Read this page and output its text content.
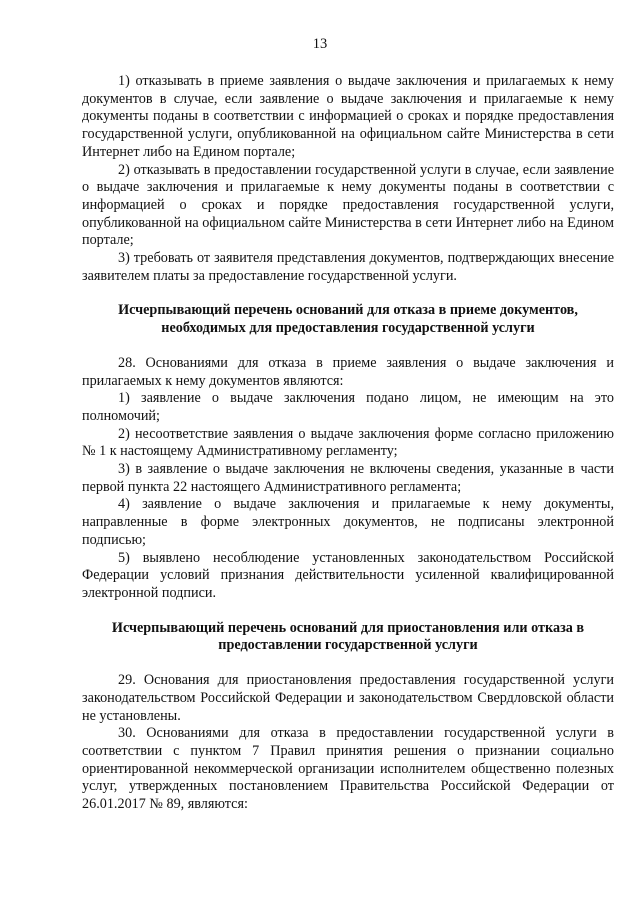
13

1) отказывать в приеме заявления о выдаче заключения и прилагаемых к нему документов в случае, если заявление о выдаче заключения и прилагаемые к нему документы поданы в соответствии с информацией о сроках и порядке предоставления государственной услуги, опубликованной на официальном сайте Министерства в сети Интернет либо на Едином портале;

2) отказывать в предоставлении государственной услуги в случае, если заявление о выдаче заключения и прилагаемые к нему документы поданы в соответствии с информацией о сроках и порядке предоставления государственной услуги, опубликованной на официальном сайте Министерства в сети Интернет либо на Едином портале;

3) требовать от заявителя представления документов, подтверждающих внесение заявителем платы за предоставление государственной услуги.

Исчерпывающий перечень оснований для отказа в приеме документов, необходимых для предоставления государственной услуги

28. Основаниями для отказа в приеме заявления о выдаче заключения и прилагаемых к нему документов являются:

1) заявление о выдаче заключения подано лицом, не имеющим на это полномочий;

2) несоответствие заявления о выдаче заключения форме согласно приложению № 1 к настоящему Административному регламенту;

3) в заявление о выдаче заключения не включены сведения, указанные в части первой пункта 22 настоящего Административного регламента;

4) заявление о выдаче заключения и прилагаемые к нему документы, направленные в форме электронных документов, не подписаны электронной подписью;

5) выявлено несоблюдение установленных законодательством Российской Федерации условий признания действительности усиленной квалифицированной электронной подписи.

Исчерпывающий перечень оснований для приостановления или отказа в предоставлении государственной услуги

29. Основания для приостановления предоставления государственной услуги законодательством Российской Федерации и законодательством Свердловской области не установлены.

30. Основаниями для отказа в предоставлении государственной услуги в соответствии с пунктом 7 Правил принятия решения о признании социально ориентированной некоммерческой организации исполнителем общественно полезных услуг, утвержденных постановлением Правительства Российской Федерации от 26.01.2017 № 89, являются:
